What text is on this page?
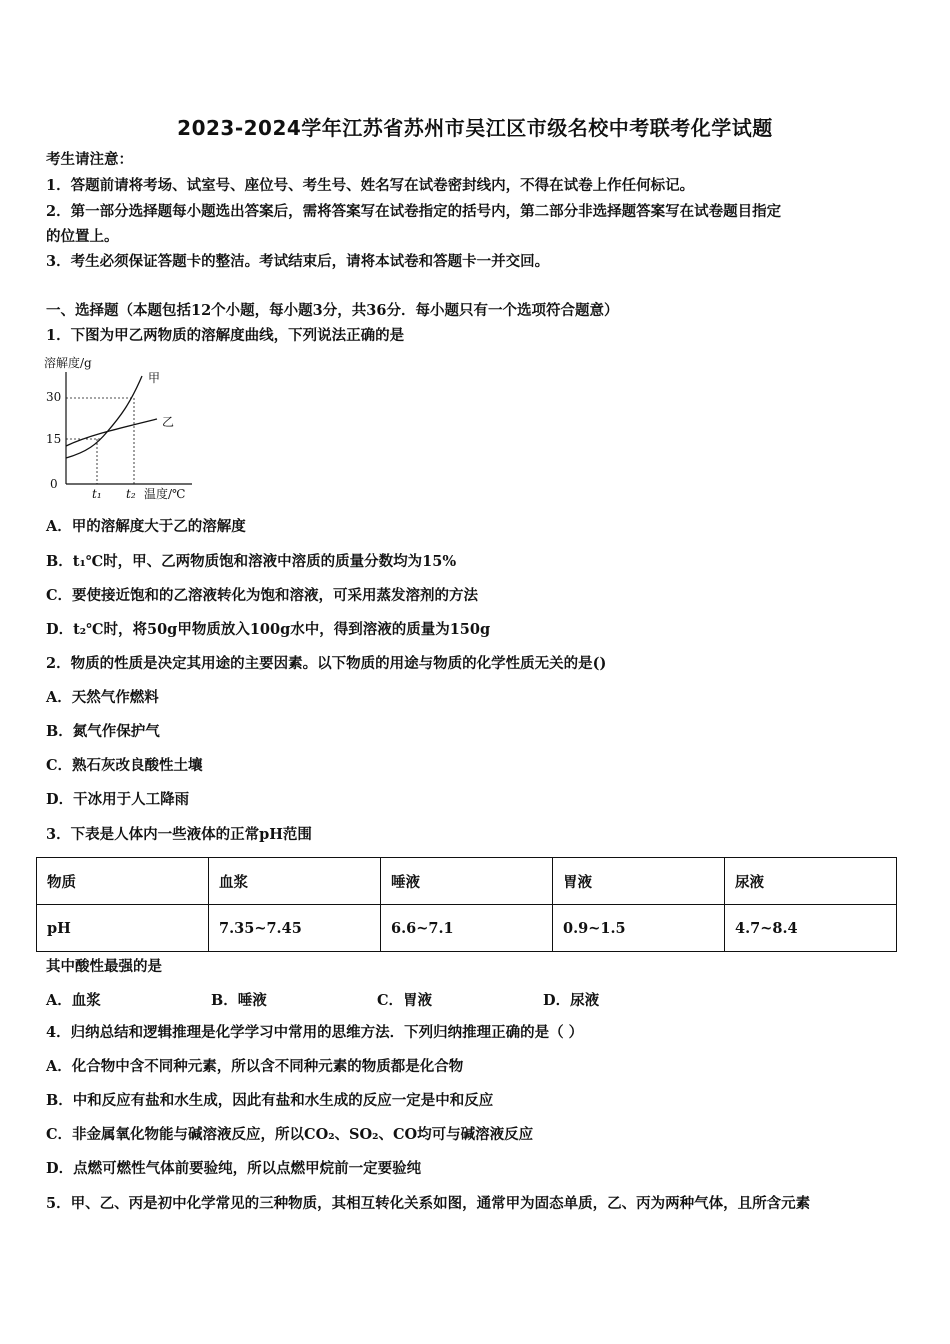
2023-2024学年江苏省苏州市吴江区市级名校中考联考化学试题
考生请注意：
1．答题前请将考场、试室号、座位号、考生号、姓名写在试卷密封线内，不得在试卷上作任何标记。
2．第一部分选择题每小题选出答案后，需将答案写在试卷指定的括号内，第二部分非选择题答案写在试卷题目指定
的位置上。
3．考生必须保证答题卡的整洁。考试结束后，请将本试卷和答题卡一并交回。
一、选择题（本题包括12个小题，每小题3分，共36分．每小题只有一个选项符合题意）
1．下图为甲乙两物质的溶解度曲线，下列说法正确的是
溶解度/g
30
15
0
甲
乙
t₁ t₂ 温度/℃
A．甲的溶解度大于乙的溶解度
B．t₁℃时，甲、乙两物质饱和溶液中溶质的质量分数均为15%
C．要使接近饱和的乙溶液转化为饱和溶液，可采用蒸发溶剂的方法
D．t₂℃时，将50g甲物质放入100g水中，得到溶液的质量为150g
2．物质的性质是决定其用途的主要因素。以下物质的用途与物质的化学性质无关的是()
A．天然气作燃料
B．氮气作保护气
C．熟石灰改良酸性土壤
D．干冰用于人工降雨
3．下表是人体内一些液体的正常pH范围
物质	血浆	唾液	胃液	尿液
pH	7.35~7.45	6.6~7.1	0.9~1.5	4.7~8.4
其中酸性最强的是
A．血浆	B．唾液	C．胃液	D．尿液
4．归纳总结和逻辑推理是化学学习中常用的思维方法．下列归纳推理正确的是（ ）
A．化合物中含不同种元素，所以含不同种元素的物质都是化合物
B．中和反应有盐和水生成，因此有盐和水生成的反应一定是中和反应
C．非金属氧化物能与碱溶液反应，所以CO₂、SO₂、CO均可与碱溶液反应
D．点燃可燃性气体前要验纯，所以点燃甲烷前一定要验纯
5．甲、乙、丙是初中化学常见的三种物质，其相互转化关系如图，通常甲为固态单质，乙、丙为两种气体，且所含元素
